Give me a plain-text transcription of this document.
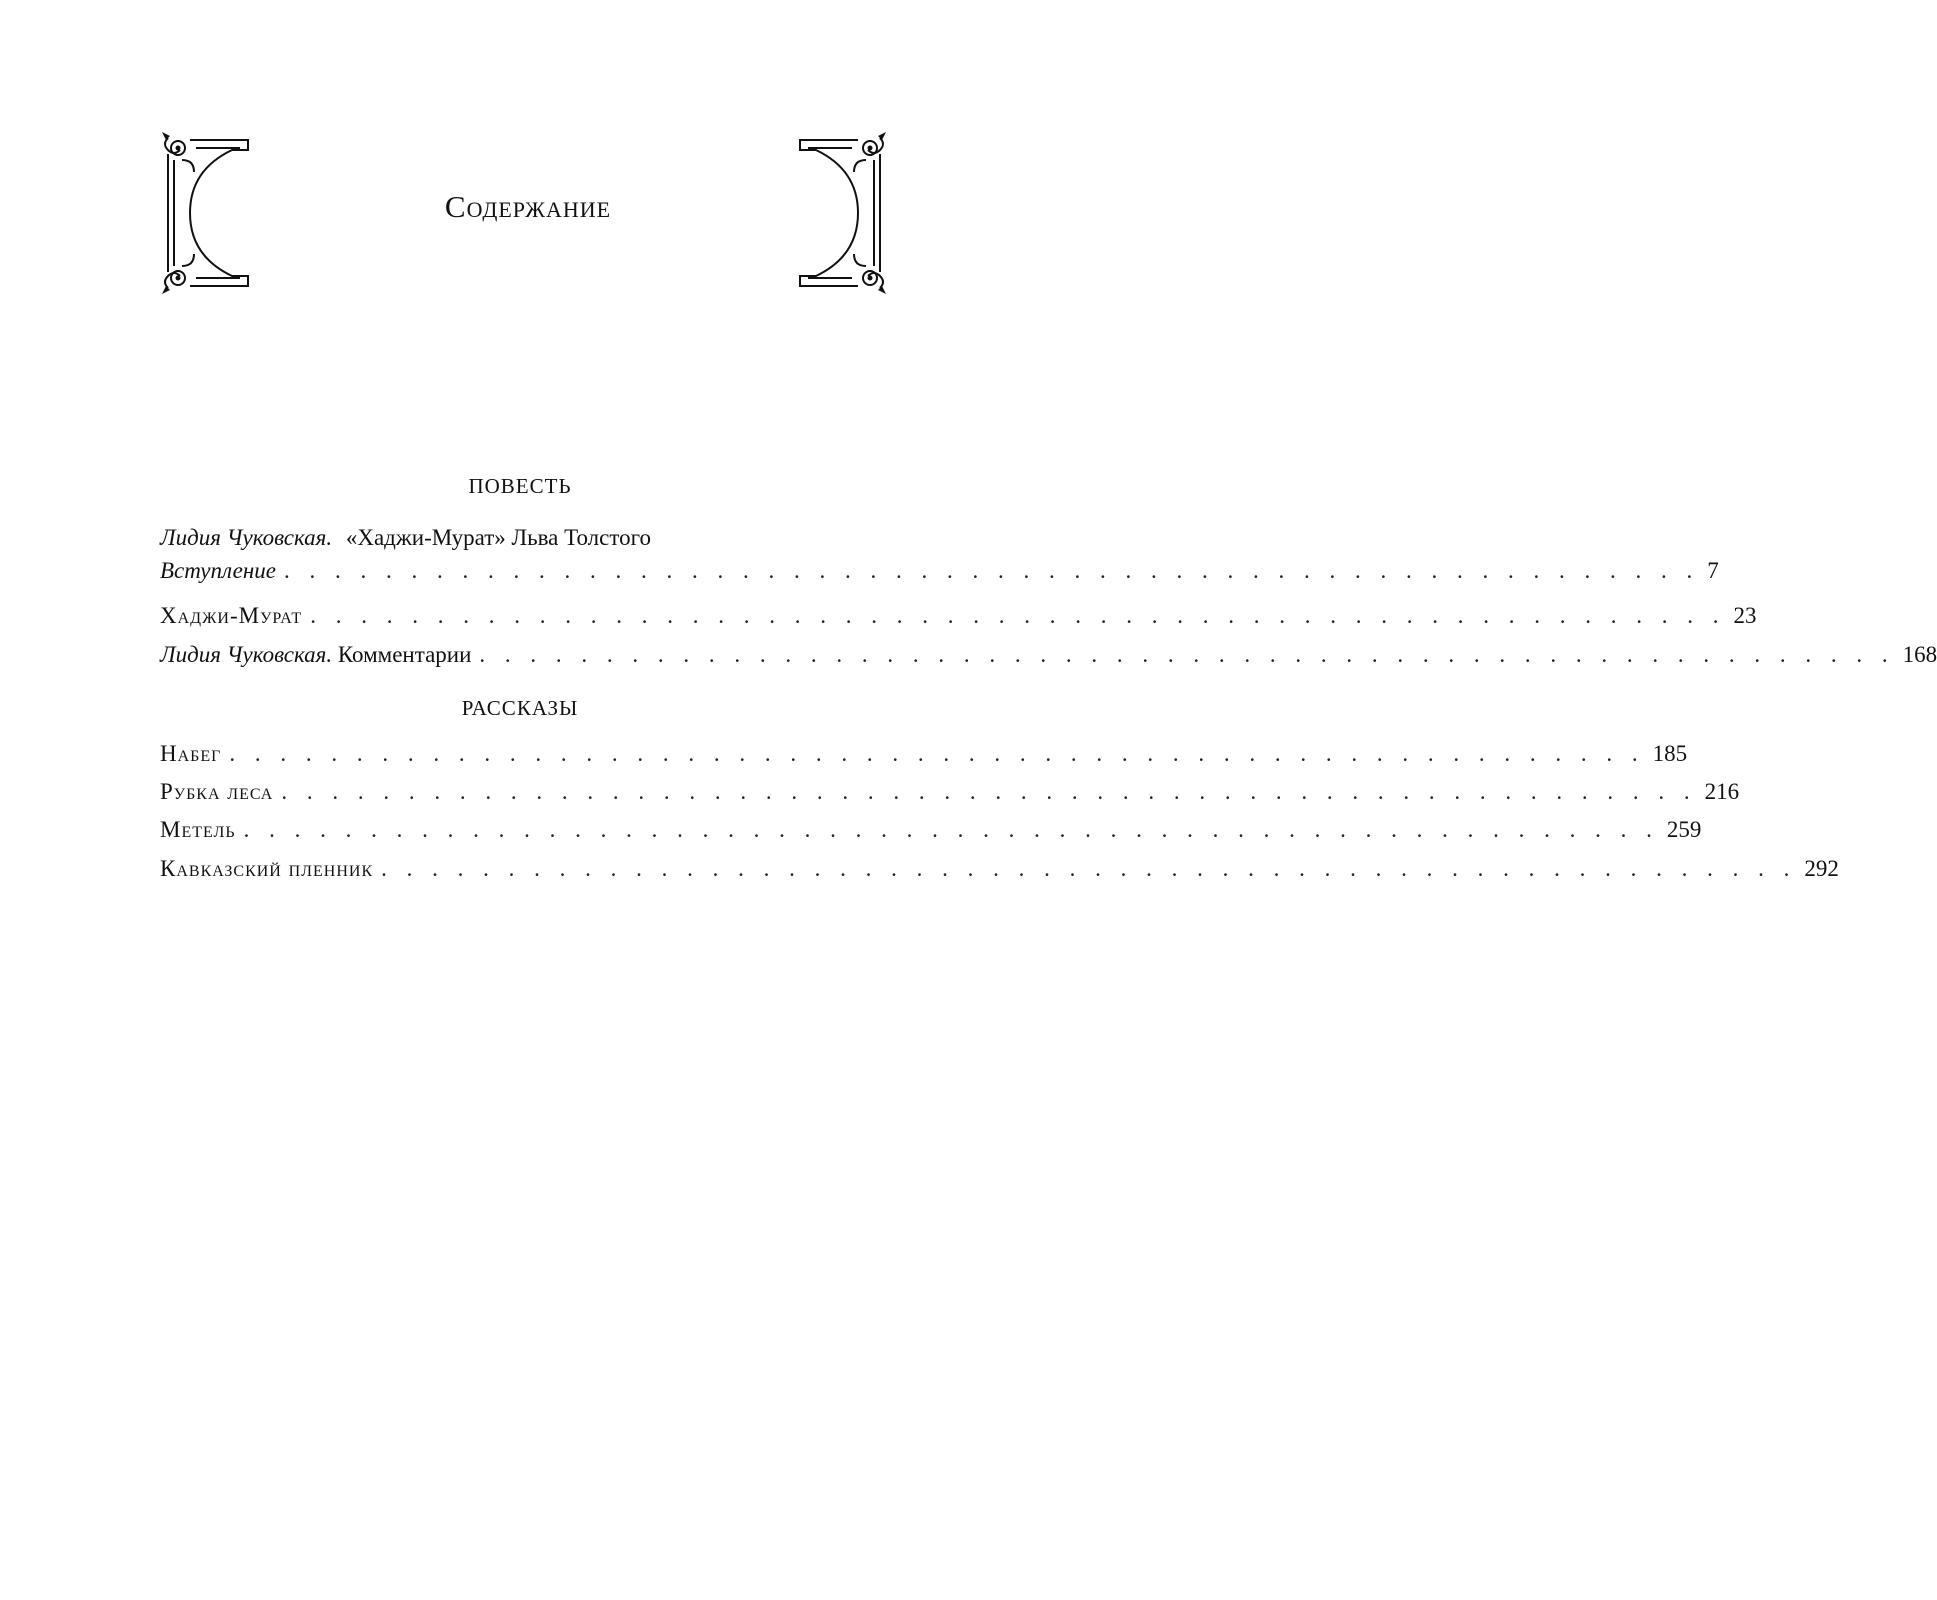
Содержание
ПОВЕСТЬ
Лидия Чуковская. «Хаджи-Мурат» Льва Толстого
Вступление . . . . . . . . . . . . . . . . . . . . . . . . . . . . . . . . . . . . . . . . . . . . . . . . . . . . . . . . 7
Хаджи-Мурат . . . . . . . . . . . . . . . . . . . . . . . . . . . . . . . . . . . . . . . . . . . . . . . . . . . . . . . . 23
Лидия Чуковская. Комментарии . . . . . . . . . . . . . . . . . . . . . . . . . . . . . . . . . . . . . . . . . . . . . . . . . . . . . . . . 168
РАССКАЗЫ
Набег . . . . . . . . . . . . . . . . . . . . . . . . . . . . . . . . . . . . . . . . . . . . . . . . . . . . . . . . 185
Рубка леса . . . . . . . . . . . . . . . . . . . . . . . . . . . . . . . . . . . . . . . . . . . . . . . . . . . . . . . . 216
Метель . . . . . . . . . . . . . . . . . . . . . . . . . . . . . . . . . . . . . . . . . . . . . . . . . . . . . . . . 259
Кавказский пленник . . . . . . . . . . . . . . . . . . . . . . . . . . . . . . . . . . . . . . . . . . . . . . . . . . . . . . . . 292
